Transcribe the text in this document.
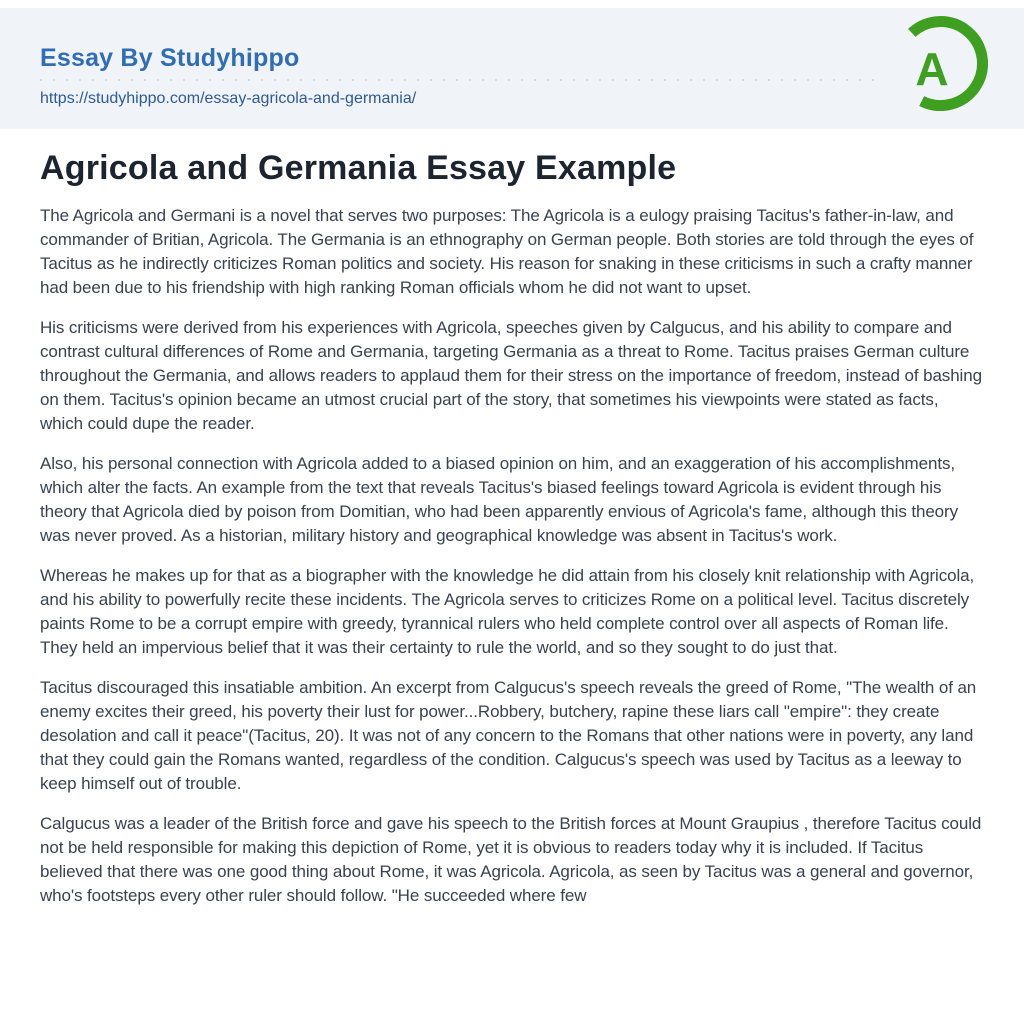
Essay By Studyhippo
https://studyhippo.com/essay-agricola-and-germania/
A
Agricola and Germania Essay Example

The Agricola and Germani is a novel that serves two purposes: The Agricola is a eulogy praising Tacitus's father-in-law, and commander of Britian, Agricola. The Germania is an ethnography on German people. Both stories are told through the eyes of Tacitus as he indirectly criticizes Roman politics and society. His reason for snaking in these criticisms in such a crafty manner had been due to his friendship with high ranking Roman officials whom he did not want to upset.

His criticisms were derived from his experiences with Agricola, speeches given by Calgucus, and his ability to compare and contrast cultural differences of Rome and Germania, targeting Germania as a threat to Rome. Tacitus praises German culture throughout the Germania, and allows readers to applaud them for their stress on the importance of freedom, instead of bashing on them. Tacitus's opinion became an utmost crucial part of the story, that sometimes his viewpoints were stated as facts, which could dupe the reader.

Also, his personal connection with Agricola added to a biased opinion on him, and an exaggeration of his accomplishments, which alter the facts. An example from the text that reveals Tacitus's biased feelings toward Agricola is evident through his theory that Agricola died by poison from Domitian, who had been apparently envious of Agricola's fame, although this theory was never proved. As a historian, military history and geographical knowledge was absent in Tacitus's work.

Whereas he makes up for that as a biographer with the knowledge he did attain from his closely knit relationship with Agricola, and his ability to powerfully recite these incidents. The Agricola serves to criticizes Rome on a political level. Tacitus discretely paints Rome to be a corrupt empire with greedy, tyrannical rulers who held complete control over all aspects of Roman life. They held an impervious belief that it was their certainty to rule the world, and so they sought to do just that.

Tacitus discouraged this insatiable ambition. An excerpt from Calgucus's speech reveals the greed of Rome, "The wealth of an enemy excites their greed, his poverty their lust for power...Robbery, butchery, rapine these liars call "empire": they create desolation and call it peace"(Tacitus, 20). It was not of any concern to the Romans that other nations were in poverty, any land that they could gain the Romans wanted, regardless of the condition. Calgucus's speech was used by Tacitus as a leeway to keep himself out of trouble.

Calgucus was a leader of the British force and gave his speech to the British forces at Mount Graupius , therefore Tacitus could not be held responsible for making this depiction of Rome, yet it is obvious to readers today why it is included. If Tacitus believed that there was one good thing about Rome, it was Agricola. Agricola, as seen by Tacitus was a general and governor, who's footsteps every other ruler should follow. "He succeeded where few
